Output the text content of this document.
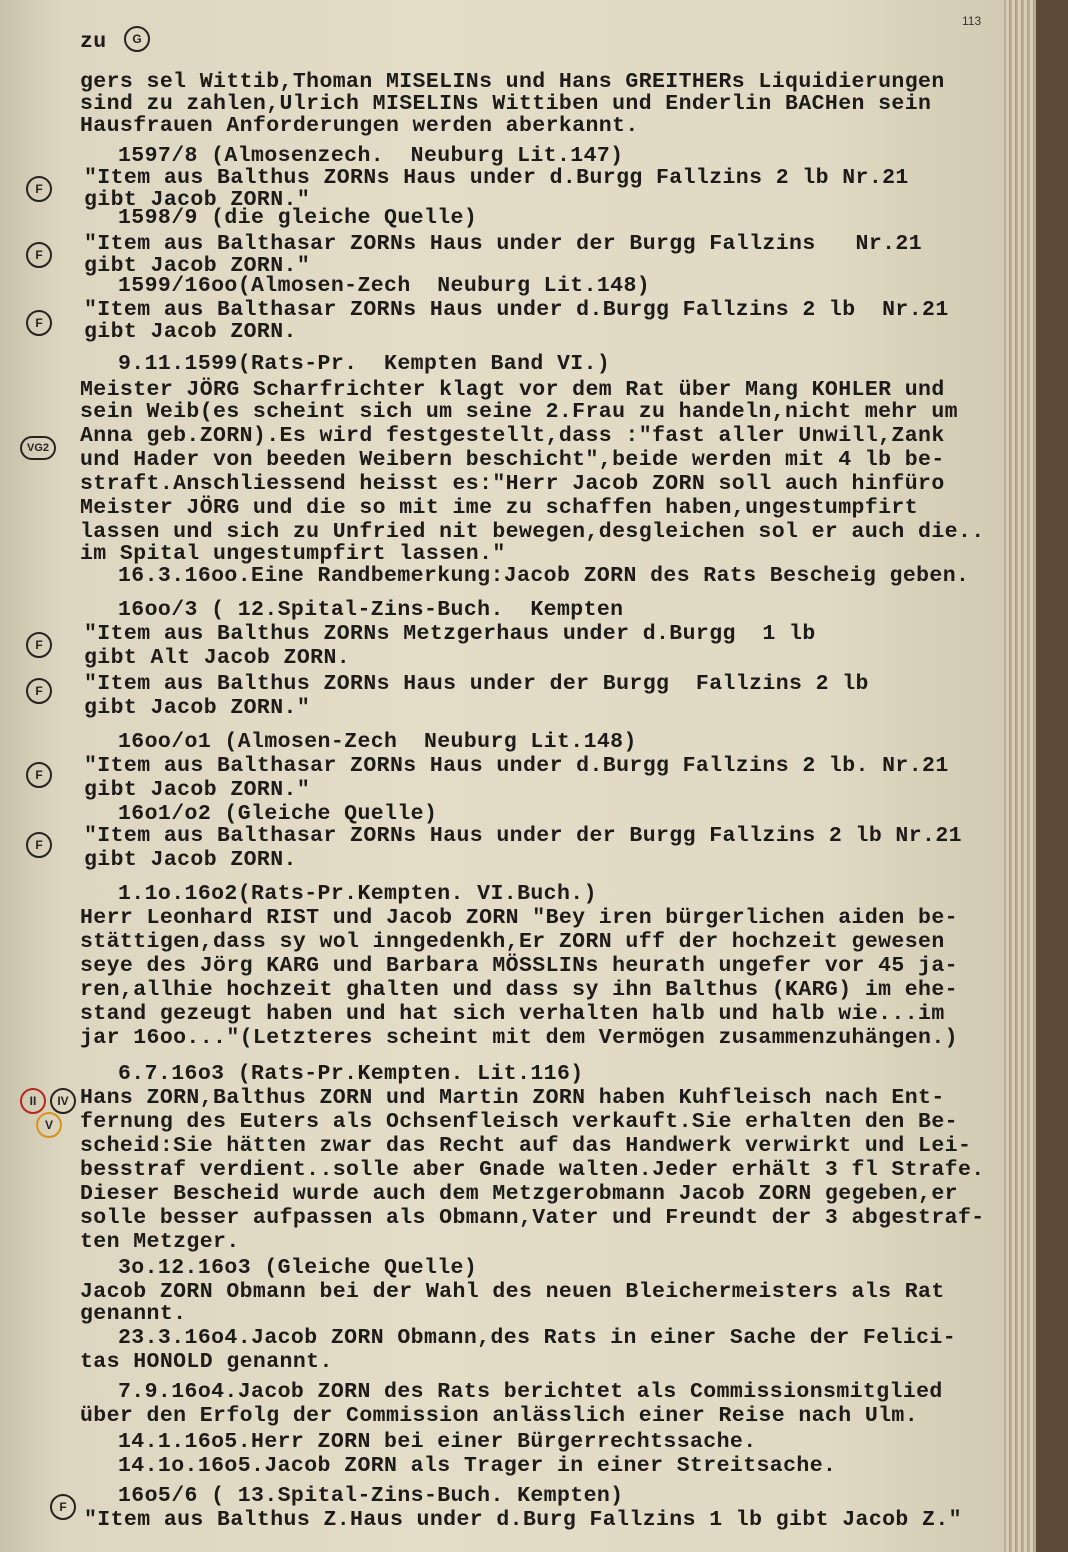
zu	G
113
gers sel Wittib,Thoman MISELINs und Hans GREITHERs Liquidierungen
sind zu zahlen,Ulrich MISELINs Wittiben und Enderlin BACHen sein
Hausfrauen Anforderungen werden aberkannt.
1597/8 (Almosenzech.  Neuburg Lit.147)
F	"Item aus Balthus ZORNs Haus under d.Burgg Fallzins 2 lb Nr.21
gibt Jacob ZORN."
1598/9 (die gleiche Quelle)
F	"Item aus Balthasar ZORNs Haus under der Burgg Fallzins   Nr.21
gibt Jacob ZORN."
1599/16oo(Almosen-Zech  Neuburg Lit.148)
F
"Item aus Balthasar ZORNs Haus under d.Burgg Fallzins 2 lb  Nr.21
gibt Jacob ZORN.
9.11.1599(Rats-Pr.  Kempten Band VI.)
Meister JÖRG Scharfrichter klagt vor dem Rat über Mang KOHLER und
sein Weib(es scheint sich um seine 2.Frau zu handeln,nicht mehr um
VG2	Anna geb.ZORN).Es wird festgestellt,dass :"fast aller Unwill,Zank
und Hader von beeden Weibern beschicht",beide werden mit 4 lb be-
straft.Anschliessend heisst es:"Herr Jacob ZORN soll auch hinfüro
Meister JÖRG und die so mit ime zu schaffen haben,ungestumpfirt
lassen und sich zu Unfried nit bewegen,desgleichen sol er auch die..
im Spital ungestumpfirt lassen."
16.3.16oo.Eine Randbemerkung:Jacob ZORN des Rats Bescheig geben.
16oo/3 ( 12.Spital-Zins-Buch.  Kempten
F	"Item aus Balthus ZORNs Metzgerhaus under d.Burgg  1 lb
gibt Alt Jacob ZORN.
F	"Item aus Balthus ZORNs Haus under der Burgg  Fallzins 2 lb
gibt Jacob ZORN."
16oo/o1 (Almosen-Zech  Neuburg Lit.148)
F	"Item aus Balthasar ZORNs Haus under d.Burgg Fallzins 2 lb. Nr.21
gibt Jacob ZORN."
16o1/o2 (Gleiche Quelle)
F	"Item aus Balthasar ZORNs Haus under der Burgg Fallzins 2 lb Nr.21
gibt Jacob ZORN.
1.1o.16o2(Rats-Pr.Kempten. VI.Buch.)
Herr Leonhard RIST und Jacob ZORN "Bey iren bürgerlichen aiden be-
stättigen,dass sy wol inngedenkh,Er ZORN uff der hochzeit gewesen
seye des Jörg KARG und Barbara MÖSSLINs heurath ungefer vor 45 ja-
ren,allhie hochzeit ghalten und dass sy ihn Balthus (KARG) im ehe-
stand gezeugt haben und hat sich verhalten halb und halb wie...im
jar 16oo..."(Letzteres scheint mit dem Vermögen zusammenzuhängen.)
6.7.16o3 (Rats-Pr.Kempten. Lit.116)
II	IV
V
Hans ZORN,Balthus ZORN und Martin ZORN haben Kuhfleisch nach Ent-
fernung des Euters als Ochsenfleisch verkauft.Sie erhalten den Be-
scheid:Sie hätten zwar das Recht auf das Handwerk verwirkt und Lei-
besstraf verdient..solle aber Gnade walten.Jeder erhält 3 fl Strafe.
Dieser Bescheid wurde auch dem Metzgerobmann Jacob ZORN gegeben,er
solle besser aufpassen als Obmann,Vater und Freundt der 3 abgestraf-
ten Metzger.
3o.12.16o3 (Gleiche Quelle)
Jacob ZORN Obmann bei der Wahl des neuen Bleichermeisters als Rat
genannt.
23.3.16o4.Jacob ZORN Obmann,des Rats in einer Sache der Felici-
tas HONOLD genannt.
7.9.16o4.Jacob ZORN des Rats berichtet als Commissionsmitglied
über den Erfolg der Commission anlässlich einer Reise nach Ulm.
14.1.16o5.Herr ZORN bei einer Bürgerrechtssache.
14.1o.16o5.Jacob ZORN als Trager in einer Streitsache.
16o5/6 ( 13.Spital-Zins-Buch. Kempten)
F
"Item aus Balthus Z.Haus under d.Burg Fallzins 1 lb gibt Jacob Z."
